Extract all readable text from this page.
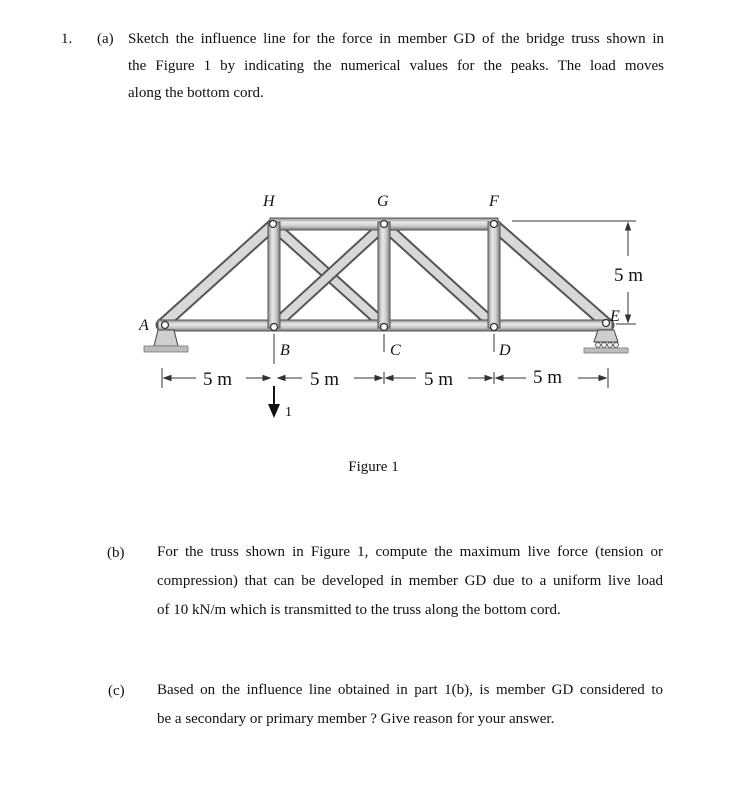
1. (a) Sketch the influence line for the force in member GD of the bridge truss shown in
the Figure 1 by indicating the numerical values for the peaks. The load moves
along the bottom cord.
H	G	F
A
B	C	D
E
5 m	5 m	5 m	5 m
5 m
1
Figure 1
(b) For the truss shown in Figure 1, compute the maximum live force (tension or
compression) that can be developed in member GD due to a uniform live load
of 10 kN/m which is transmitted to the truss along the bottom cord.
(c) Based on the influence line obtained in part 1(b), is member GD considered to
be a secondary or primary member ? Give reason for your answer.
